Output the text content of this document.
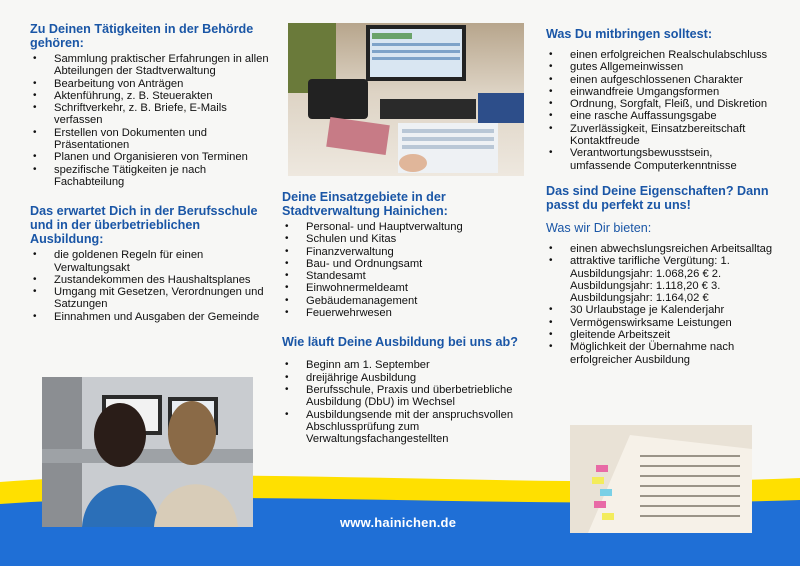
www.hainichen.de
Zu Deinen Tätigkeiten in der Behörde gehören:
• Sammlung praktischer Erfahrungen in allen Abteilungen der Stadtverwaltung
• Bearbeitung von Anträgen
• Aktenführung, z. B. Steuerakten
• Schriftverkehr, z. B. Briefe, E-Mails verfassen
• Erstellen von Dokumenten und Präsentationen
• Planen und Organisieren von Terminen
• spezifische Tätigkeiten je nach Fachabteilung
Das erwartet Dich in der Berufsschule und in der überbetrieblichen Ausbildung:
• die goldenen Regeln für einen Verwaltungsakt
• Zustandekommen des Haushaltsplanes
• Umgang mit Gesetzen, Verordnungen und Satzungen
• Einnahmen und Ausgaben der Gemeinde
Deine Einsatzgebiete in der Stadtverwaltung Hainichen:
• Personal- und Hauptverwaltung
• Schulen und Kitas
• Finanzverwaltung
• Bau- und Ordnungsamt
• Standesamt
• Einwohnermeldeamt
• Gebäudemanagement
• Feuerwehrwesen
Wie läuft Deine Ausbildung bei uns ab?
• Beginn am 1. September
• dreijährige Ausbildung
• Berufsschule, Praxis und überbetriebliche Ausbildung (DbU) im Wechsel
• Ausbildungsende mit der anspruchsvollen Abschlussprüfung zum Verwaltungsfachangestellten
Was Du mitbringen solltest:
• einen erfolgreichen Realschulabschluss
• gutes Allgemeinwissen
• einen aufgeschlossenen Charakter
• einwandfreie Umgangsformen
• Ordnung, Sorgfalt, Fleiß, und Diskretion
• eine rasche Auffassungsgabe
• Zuverlässigkeit, Einsatzbereitschaft Kontaktfreude
• Verantwortungsbewusstsein, umfassende Computerkenntnisse
Das sind Deine Eigenschaften? Dann passt du perfekt zu uns!
Was wir Dir bieten:
• einen abwechslungsreichen Arbeitsalltag
• attraktive tarifliche Vergütung: 1. Ausbildungsjahr: 1.068,26 € 2. Ausbildungsjahr: 1.118,20 € 3. Ausbildungsjahr: 1.164,02 €
• 30 Urlaubstage je Kalenderjahr
• Vermögenswirksame Leistungen
• gleitende Arbeitszeit
• Möglichkeit der Übernahme nach erfolgreicher Ausbildung
